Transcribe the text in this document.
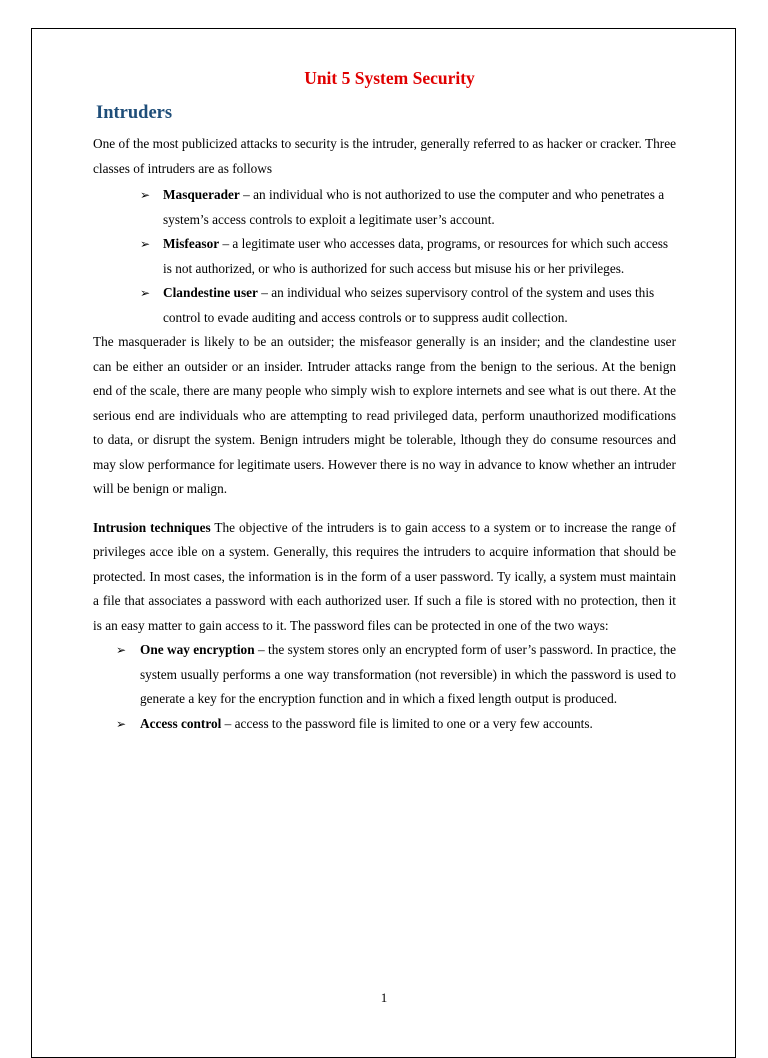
Unit 5 System Security
Intruders

One of the most publicized attacks to security is the intruder, generally referred to as hacker or cracker. Three classes of intruders are as follows

➢ Masquerader – an individual who is not authorized to use the computer and who penetrates a system’s access controls to exploit a legitimate user’s account.
➢ Misfeasor – a legitimate user who accesses data, programs, or resources for which such access is not authorized, or who is authorized for such access but misuse his or her privileges.
➢ Clandestine user – an individual who seizes supervisory control of the system and uses this control to evade auditing and access controls or to suppress audit collection.

The masquerader is likely to be an outsider; the misfeasor generally is an insider; and the clandestine user can be either an outsider or an insider. Intruder attacks range from the benign to the serious. At the benign end of the scale, there are many people who simply wish to explore internets and see what is out there. At the serious end are individuals who are attempting to read privileged data, perform unauthorized modifications to data, or disrupt the system. Benign intruders might be tolerable, lthough they do consume resources and may slow performance for legitimate users. However there is no way in advance to know whether an intruder will be benign or malign.

Intrusion techniques The objective of the intruders is to gain access to a system or to increase the range of privileges acce ible on a system. Generally, this requires the intruders to acquire information that should be protected. In most cases, the information is in the form of a user password. Ty ically, a system must maintain a file that associates a password with each authorized user. If such a file is stored with no protection, then it is an easy matter to gain access to it. The password files can be protected in one of the two ways:

➢ One way encryption – the system stores only an encrypted form of user’s password. In practice, the system usually performs a one way transformation (not reversible) in which the password is used to generate a key for the encryption function and in which a fixed length output is produced.
➢ Access control – access to the password file is limited to one or a very few accounts.
1
